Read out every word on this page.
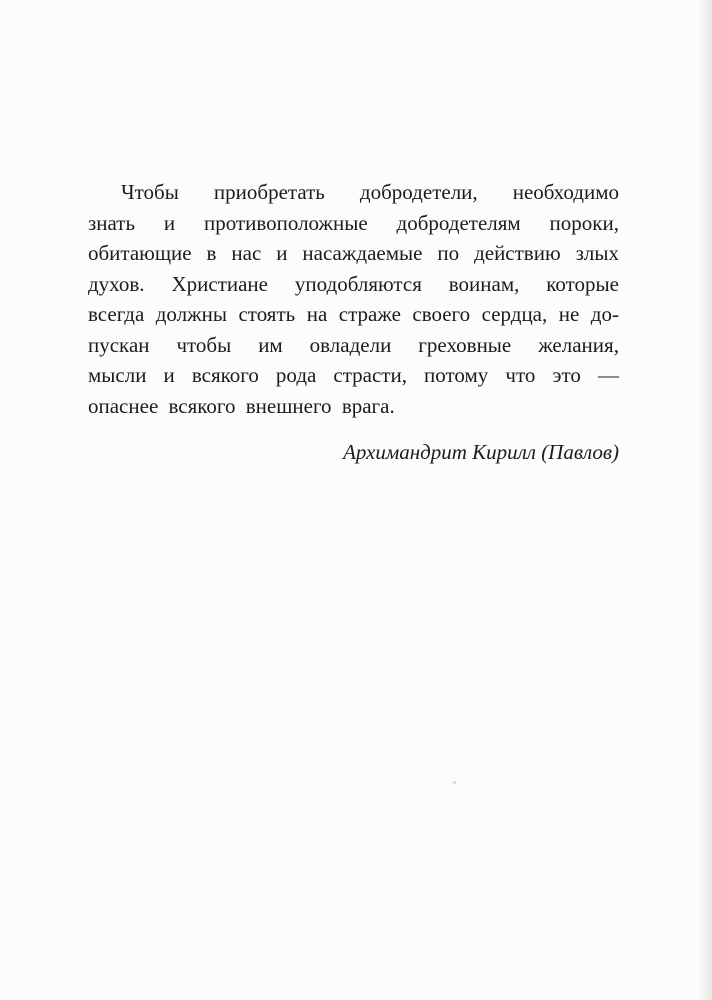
Чтобы приобретать добродетели, необходимо
знать и противоположные добродетелям пороки,
обитающие в нас и насаждаемые по действию злых
духов. Христиане уподобляются воинам, которые
всегда должны стоять на страже своего сердца, не до-
пускан чтобы им овладели греховные желания,
мысли и всякого рода страсти, потому что это —
опаснее всякого внешнего врага.
Архимандрит Кирилл (Павлов)
